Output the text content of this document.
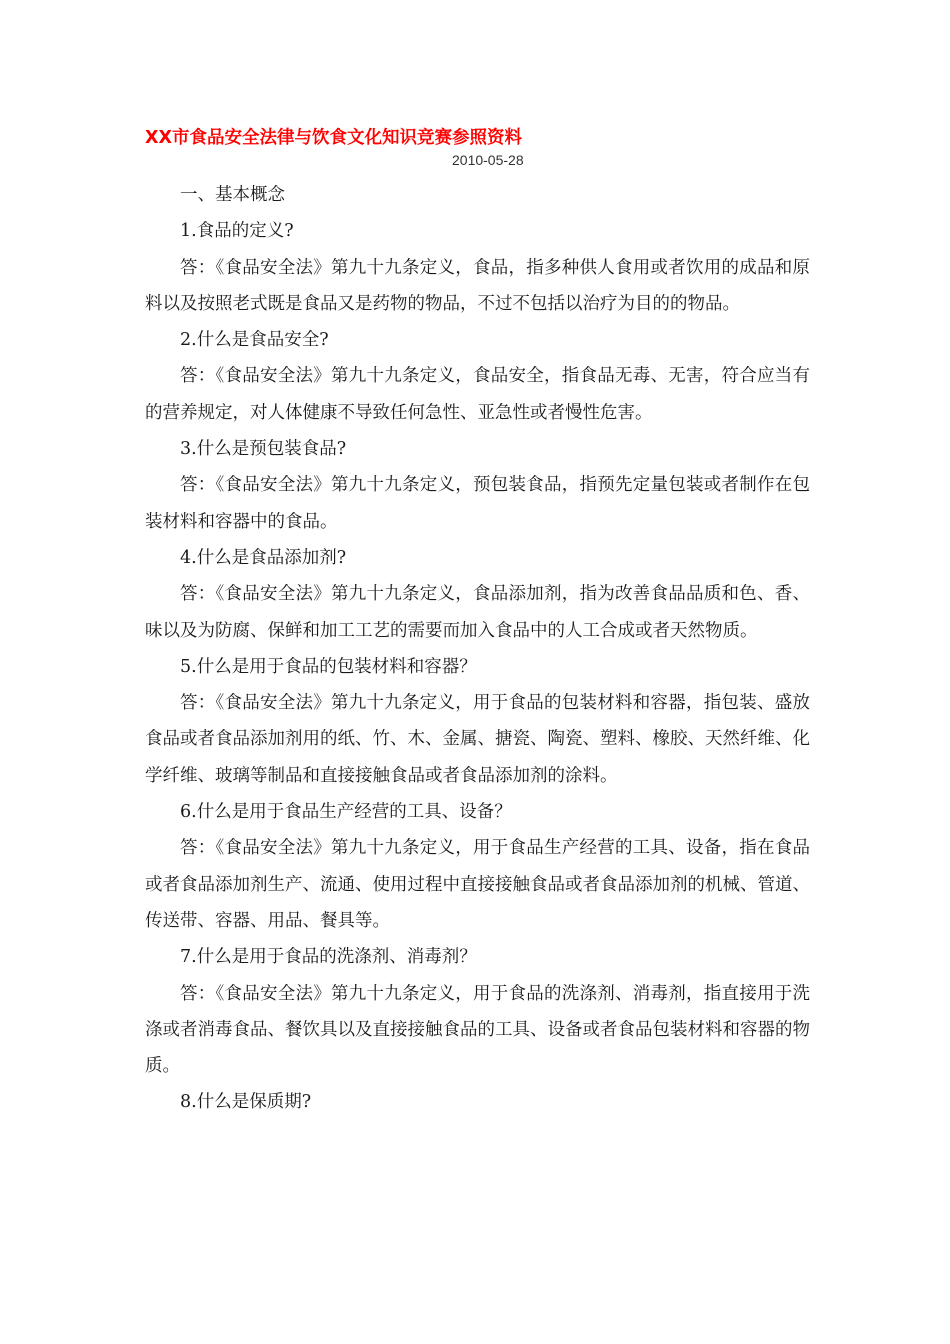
XX市食品安全法律与饮食文化知识竞赛参照资料
2010-05-28

一、基本概念

1.食品的定义?

答：《食品安全法》第九十九条定义，食品，指多种供人食用或者饮用的成品和原料以及按照老式既是食品又是药物的物品，不过不包括以治疗为目的的物品。

2.什么是食品安全?

答：《食品安全法》第九十九条定义，食品安全，指食品无毒、无害，符合应当有的营养规定，对人体健康不导致任何急性、亚急性或者慢性危害。

3.什么是预包装食品?

答：《食品安全法》第九十九条定义，预包装食品，指预先定量包装或者制作在包装材料和容器中的食品。

4.什么是食品添加剂?

答：《食品安全法》第九十九条定义，食品添加剂，指为改善食品品质和色、香、味以及为防腐、保鲜和加工工艺的需要而加入食品中的人工合成或者天然物质。

5.什么是用于食品的包装材料和容器？

答：《食品安全法》第九十九条定义，用于食品的包装材料和容器，指包装、盛放食品或者食品添加剂用的纸、竹、木、金属、搪瓷、陶瓷、塑料、橡胶、天然纤维、化学纤维、玻璃等制品和直接接触食品或者食品添加剂的涂料。

6.什么是用于食品生产经营的工具、设备？

答：《食品安全法》第九十九条定义，用于食品生产经营的工具、设备，指在食品或者食品添加剂生产、流通、使用过程中直接接触食品或者食品添加剂的机械、管道、传送带、容器、用品、餐具等。

7.什么是用于食品的洗涤剂、消毒剂？

答：《食品安全法》第九十九条定义，用于食品的洗涤剂、消毒剂，指直接用于洗涤或者消毒食品、餐饮具以及直接接触食品的工具、设备或者食品包装材料和容器的物质。

8.什么是保质期?
